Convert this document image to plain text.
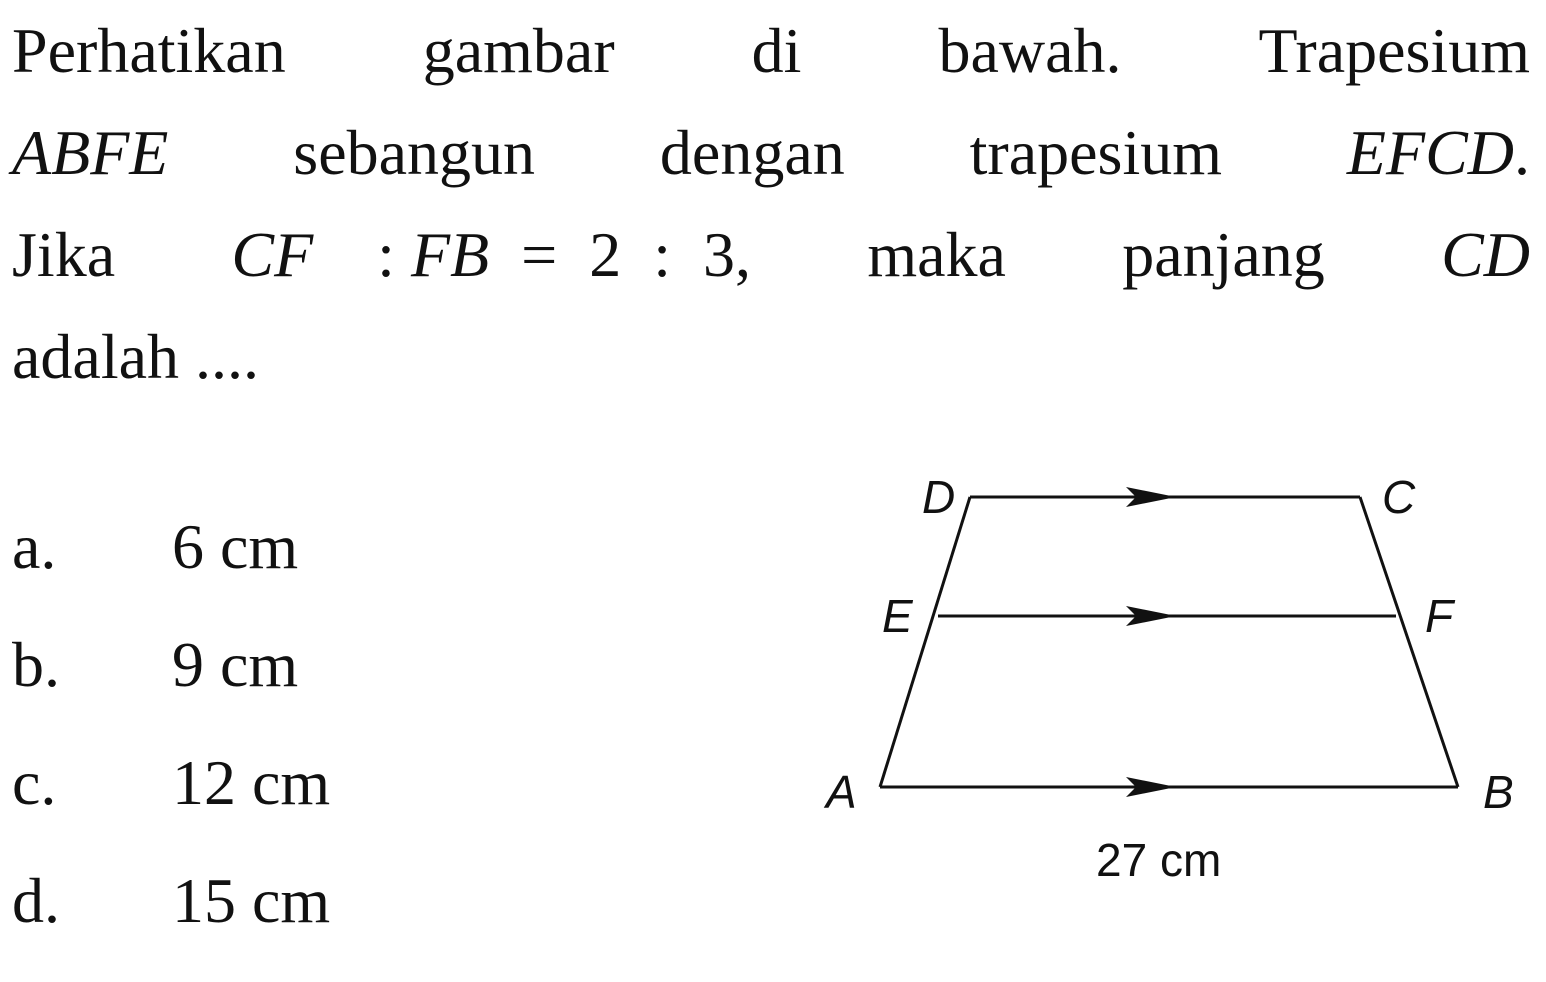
Perhatikan gambar di bawah. Trapesium
ABFE sebangun dengan trapesium EFCD.
Jika CF : FB = 2 : 3, maka panjang CD
adalah ....
a.	6 cm
b.	9 cm
c.	12 cm
d.	15 cm
D	C
E	F
A	B
27 cm
